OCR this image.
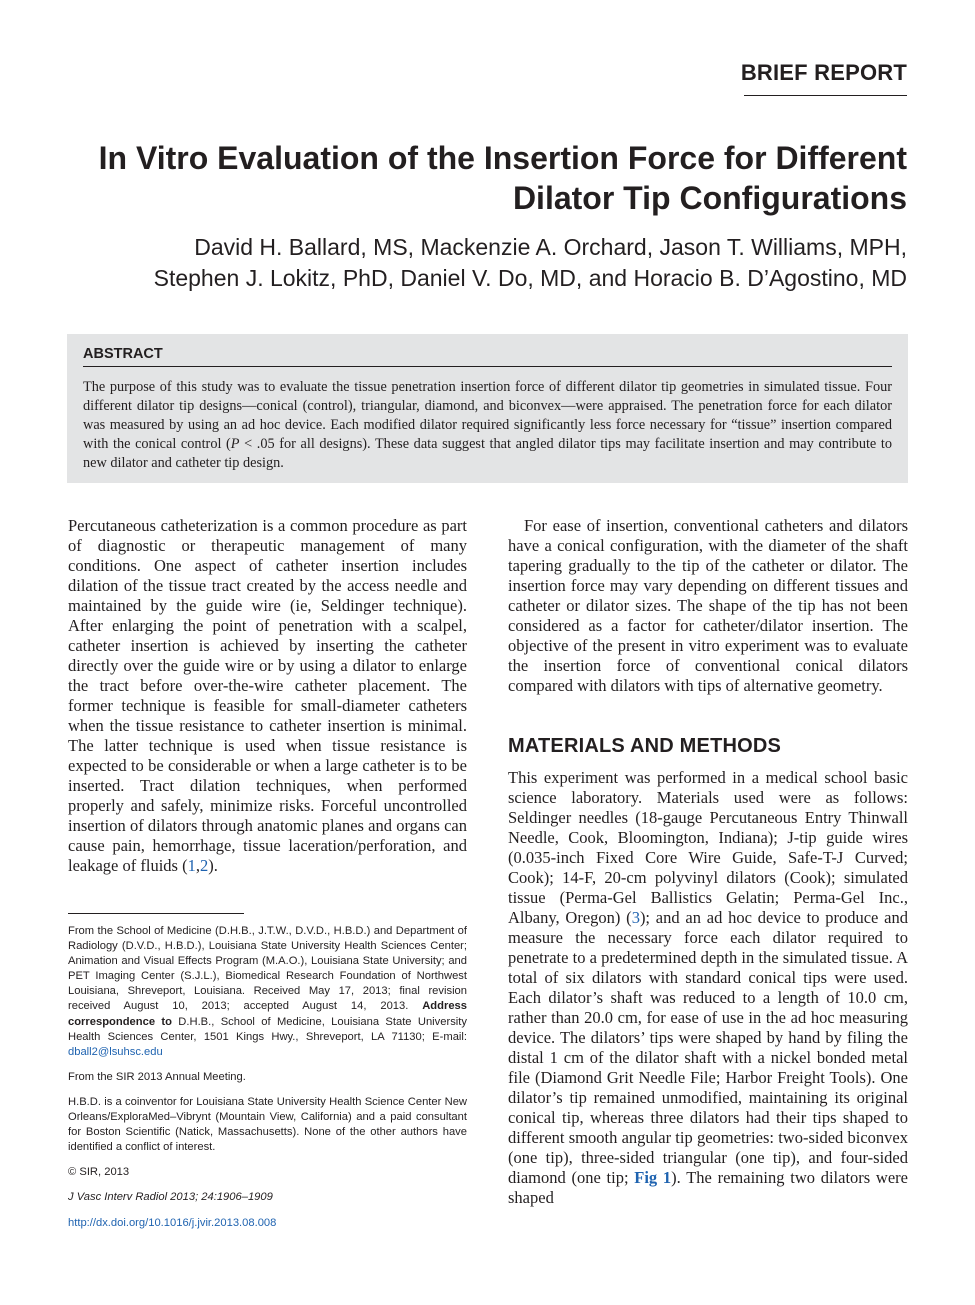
BRIEF REPORT
In Vitro Evaluation of the Insertion Force for Different
Dilator Tip Configurations
David H. Ballard, MS, Mackenzie A. Orchard, Jason T. Williams, MPH,
Stephen J. Lokitz, PhD, Daniel V. Do, MD, and Horacio B. D’Agostino, MD
ABSTRACT

The purpose of this study was to evaluate the tissue penetration insertion force of different dilator tip geometries in simulated tissue. Four different dilator tip designs—conical (control), triangular, diamond, and biconvex—were appraised. The penetration force for each dilator was measured by using an ad hoc device. Each modified dilator required significantly less force necessary for “tissue” insertion compared with the conical control (P < .05 for all designs). These data suggest that angled dilator tips may facilitate insertion and may contribute to new dilator and catheter tip design.

Percutaneous catheterization is a common procedure as part of diagnostic or therapeutic management of many conditions. One aspect of catheter insertion includes dilation of the tissue tract created by the access needle and maintained by the guide wire (ie, Seldinger technique). After enlarging the point of penetration with a scalpel, catheter insertion is achieved by inserting the catheter directly over the guide wire or by using a dilator to enlarge the tract before over-the-wire catheter placement. The former technique is feasible for small-diameter catheters when the tissue resistance to catheter insertion is minimal. The latter technique is used when tissue resistance is expected to be considerable or when a large catheter is to be inserted. Tract dilation techniques, when performed properly and safely, minimize risks. Forceful uncontrolled insertion of dilators through anatomic planes and organs can cause pain, hemorrhage, tissue laceration/perforation, and leakage of fluids (1,2).

For ease of insertion, conventional catheters and dilators have a conical configuration, with the diameter of the shaft tapering gradually to the tip of the catheter or dilator. The insertion force may vary depending on different tissues and catheter or dilator sizes. The shape of the tip has not been considered as a factor for catheter/dilator insertion. The objective of the present in vitro experiment was to evaluate the insertion force of conventional conical dilators compared with dilators with tips of alternative geometry.

MATERIALS AND METHODS

This experiment was performed in a medical school basic science laboratory. Materials used were as follows: Seldinger needles (18-gauge Percutaneous Entry Thinwall Needle, Cook, Bloomington, Indiana); J-tip guide wires (0.035-inch Fixed Core Wire Guide, Safe-T-J Curved; Cook); 14-F, 20-cm polyvinyl dilators (Cook); simulated tissue (Perma-Gel Ballistics Gelatin; Perma-Gel Inc., Albany, Oregon) (3); and an ad hoc device to produce and measure the necessary force each dilator required to penetrate to a predetermined depth in the simulated tissue. A total of six dilators with standard conical tips were used. Each dilator’s shaft was reduced to a length of 10.0 cm, rather than 20.0 cm, for ease of use in the ad hoc measuring device. The dilators’ tips were shaped by hand by filing the distal 1 cm of the dilator shaft with a nickel bonded metal file (Diamond Grit Needle File; Harbor Freight Tools). One dilator’s tip remained unmodified, maintaining its original conical tip, whereas three dilators had their tips shaped to different smooth angular tip geometries: two-sided biconvex (one tip), three-sided triangular (one tip), and four-sided diamond (one tip; Fig 1). The remaining two dilators were shaped

From the School of Medicine (D.H.B., J.T.W., D.V.D., H.B.D.) and Department of Radiology (D.V.D., H.B.D.), Louisiana State University Health Sciences Center; Animation and Visual Effects Program (M.A.O.), Louisiana State University; and PET Imaging Center (S.J.L.), Biomedical Research Foundation of Northwest Louisiana, Shreveport, Louisiana. Received May 17, 2013; final revision received August 10, 2013; accepted August 14, 2013. Address correspondence to D.H.B., School of Medicine, Louisiana State University Health Sciences Center, 1501 Kings Hwy., Shreveport, LA 71130; E-mail: dball2@lsuhsc.edu

From the SIR 2013 Annual Meeting.

H.B.D. is a coinventor for Louisiana State University Health Science Center New Orleans/ExploraMed–Vibrynt (Mountain View, California) and a paid consultant for Boston Scientific (Natick, Massachusetts). None of the other authors have identified a conflict of interest.

© SIR, 2013

J Vasc Interv Radiol 2013; 24:1906–1909

http://dx.doi.org/10.1016/j.jvir.2013.08.008
